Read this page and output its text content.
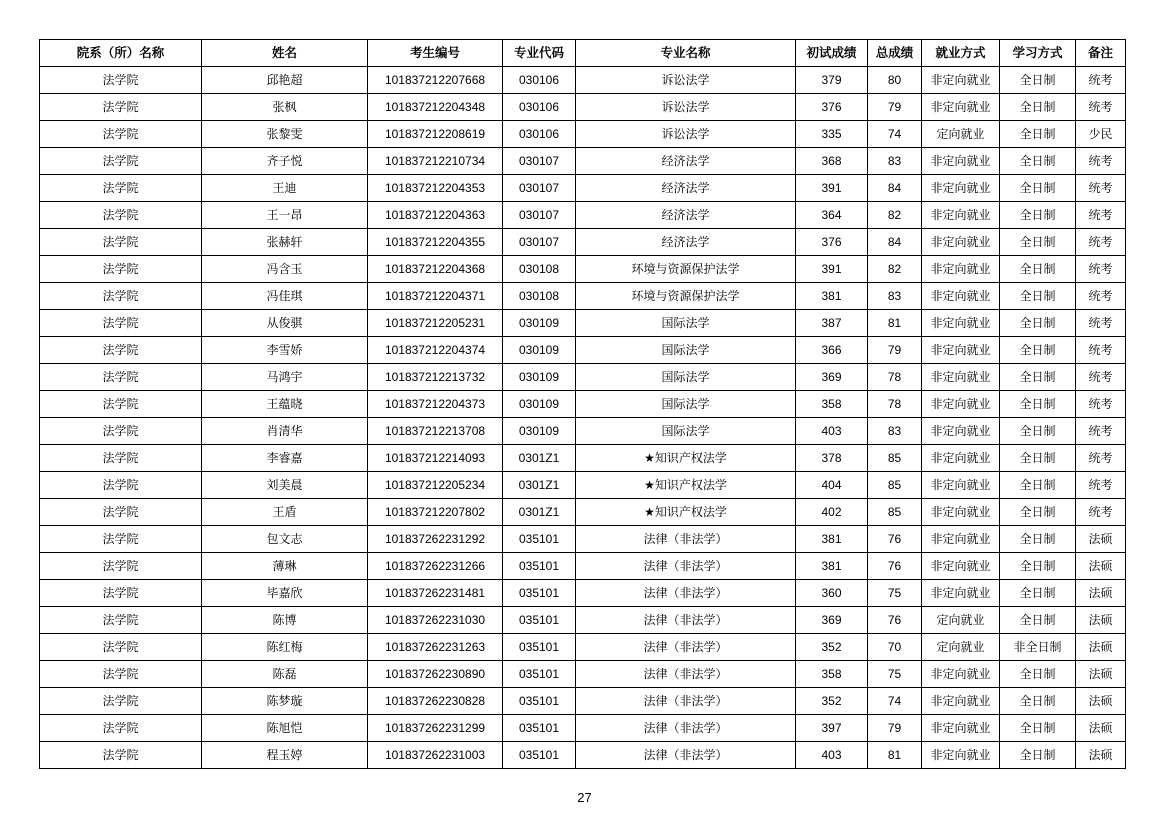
院系（所）名称	姓名	考生编号	专业代码	专业名称	初试成绩	总成绩	就业方式	学习方式	备注
法学院	邱艳超	101837212207668	030106	诉讼法学	379	80	非定向就业	全日制	统考
法学院	张枫	101837212204348	030106	诉讼法学	376	79	非定向就业	全日制	统考
法学院	张黎雯	101837212208619	030106	诉讼法学	335	74	定向就业	全日制	少民
法学院	齐子悦	101837212210734	030107	经济法学	368	83	非定向就业	全日制	统考
法学院	王迪	101837212204353	030107	经济法学	391	84	非定向就业	全日制	统考
法学院	王一昂	101837212204363	030107	经济法学	364	82	非定向就业	全日制	统考
法学院	张赫轩	101837212204355	030107	经济法学	376	84	非定向就业	全日制	统考
法学院	冯含玉	101837212204368	030108	环境与资源保护法学	391	82	非定向就业	全日制	统考
法学院	冯佳琪	101837212204371	030108	环境与资源保护法学	381	83	非定向就业	全日制	统考
法学院	从俊骐	101837212205231	030109	国际法学	387	81	非定向就业	全日制	统考
法学院	李雪娇	101837212204374	030109	国际法学	366	79	非定向就业	全日制	统考
法学院	马鸿宇	101837212213732	030109	国际法学	369	78	非定向就业	全日制	统考
法学院	王蕴晓	101837212204373	030109	国际法学	358	78	非定向就业	全日制	统考
法学院	肖清华	101837212213708	030109	国际法学	403	83	非定向就业	全日制	统考
法学院	李睿嘉	101837212214093	0301Z1	★知识产权法学	378	85	非定向就业	全日制	统考
法学院	刘美晨	101837212205234	0301Z1	★知识产权法学	404	85	非定向就业	全日制	统考
法学院	王盾	101837212207802	0301Z1	★知识产权法学	402	85	非定向就业	全日制	统考
法学院	包文志	101837262231292	035101	法律（非法学）	381	76	非定向就业	全日制	法硕
法学院	薄琳	101837262231266	035101	法律（非法学）	381	76	非定向就业	全日制	法硕
法学院	毕嘉欣	101837262231481	035101	法律（非法学）	360	75	非定向就业	全日制	法硕
法学院	陈博	101837262231030	035101	法律（非法学）	369	76	定向就业	全日制	法硕
法学院	陈红梅	101837262231263	035101	法律（非法学）	352	70	定向就业	非全日制	法硕
法学院	陈磊	101837262230890	035101	法律（非法学）	358	75	非定向就业	全日制	法硕
法学院	陈梦璇	101837262230828	035101	法律（非法学）	352	74	非定向就业	全日制	法硕
法学院	陈旭恺	101837262231299	035101	法律（非法学）	397	79	非定向就业	全日制	法硕
法学院	程玉婷	101837262231003	035101	法律（非法学）	403	81	非定向就业	全日制	法硕
27
